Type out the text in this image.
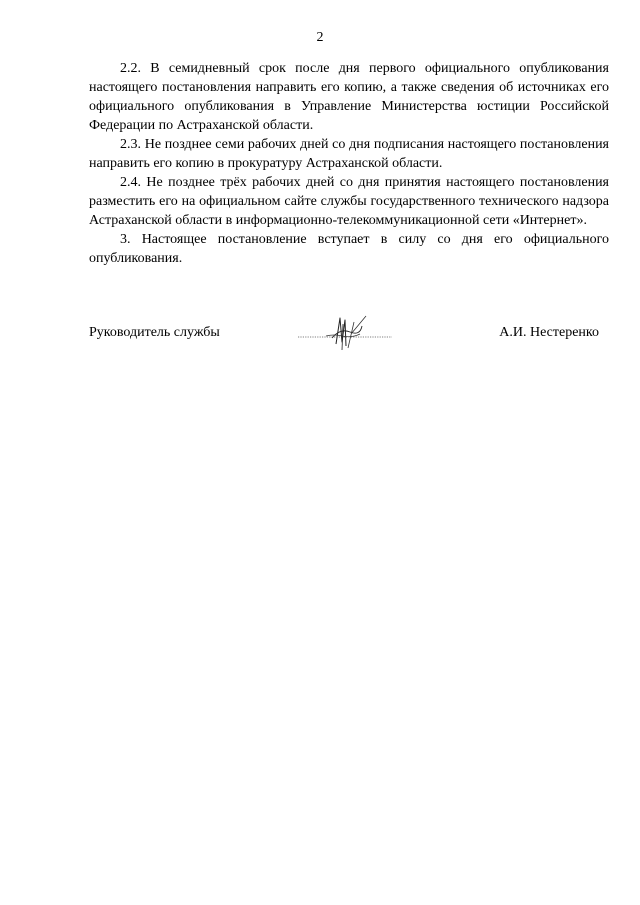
2

2.2. В семидневный срок после дня первого официального опубликования настоящего постановления направить его копию, а также сведения об источниках его официального опубликования в Управление Министерства юстиции Российской Федерации по Астраханской области.

2.3. Не позднее семи рабочих дней со дня подписания настоящего постановления направить его копию в прокуратуру Астраханской области.

2.4. Не позднее трёх рабочих дней со дня принятия настоящего постановления разместить его на официальном сайте службы государственного технического надзора Астраханской области в информационно-телекоммуникационной сети «Интернет».

3. Настоящее постановление вступает в силу со дня его официального опубликования.

Руководитель службы	А.И. Нестеренко
